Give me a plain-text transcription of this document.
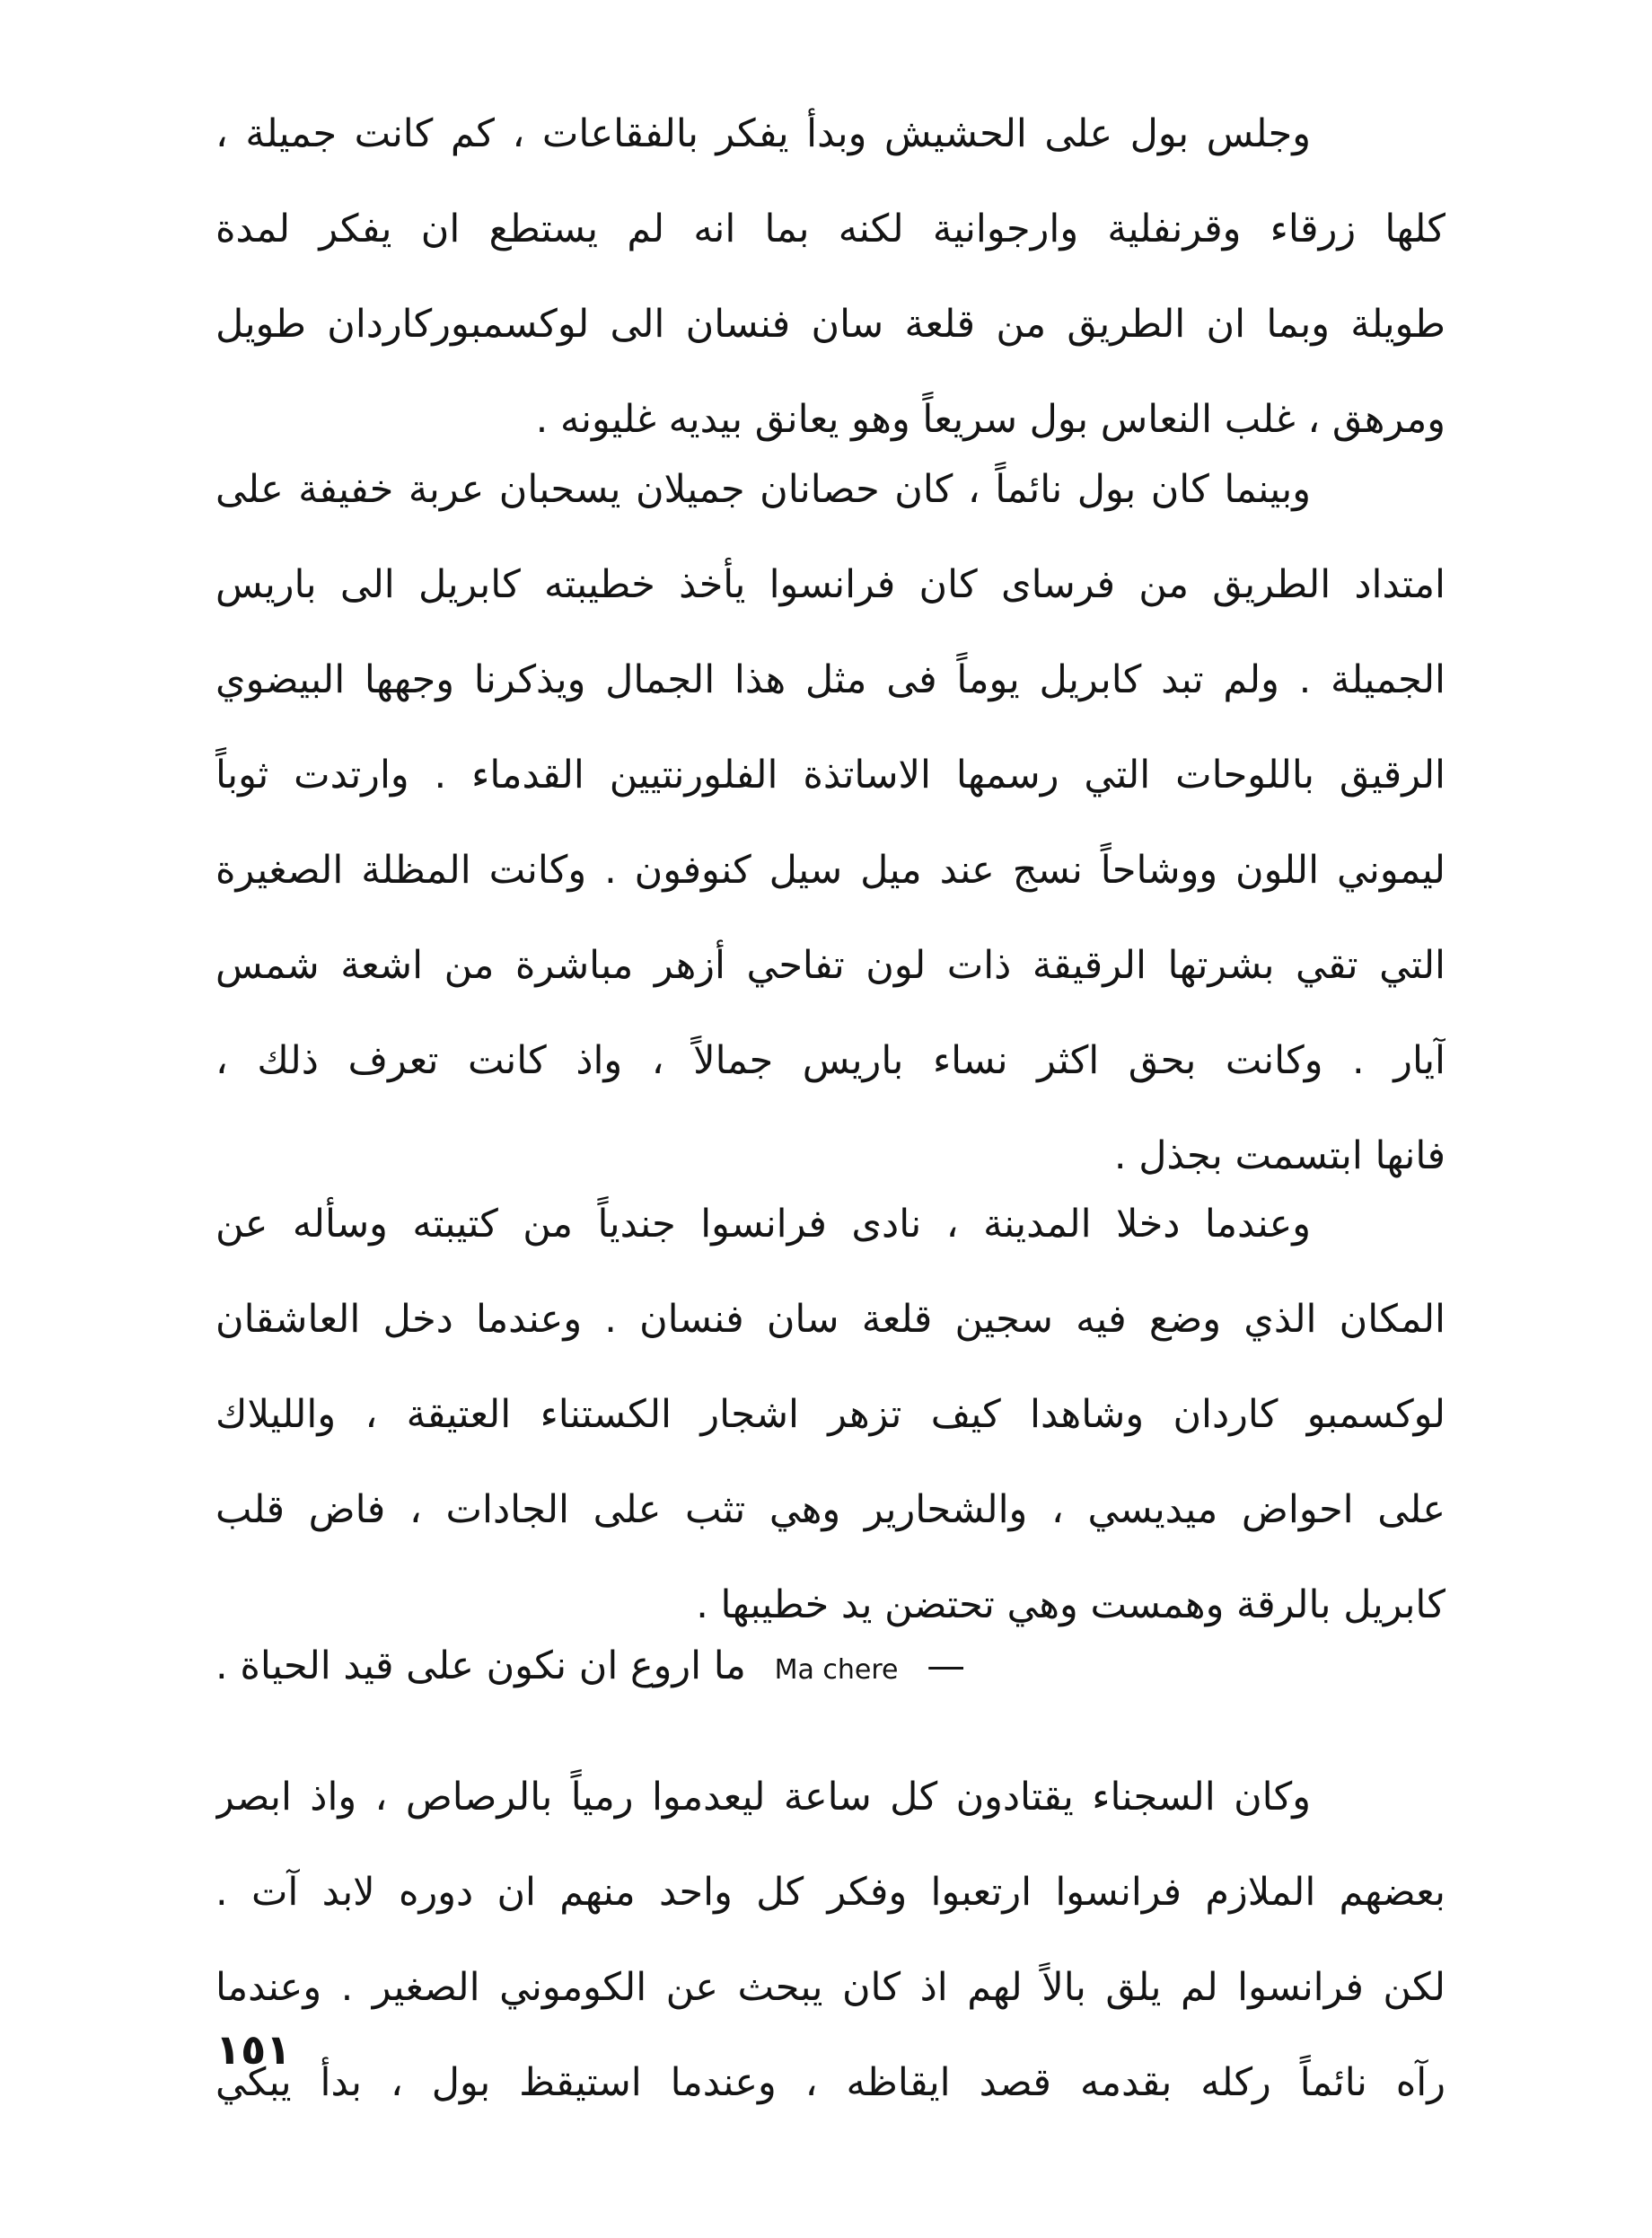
وجلس بول على الحشيش وبدأ يفكر بالفقاعات ، كم كانت جميلة ،
كلها زرقاء وقرنفلية وارجوانية لكنه بما انه لم يستطع ان يفكر لمدة
طويلة وبما ان الطريق من قلعة سان فنسان الى لوكسمبوركاردان طويل
ومرهق ، غلب النعاس بول سريعاً وهو يعانق بيديه غليونه .
وبينما كان بول نائماً ، كان حصانان جميلان يسحبان عربة خفيفة على
امتداد الطريق من فرساى كان فرانسوا يأخذ خطيبته كابريل الى باريس
الجميلة . ولم تبد كابريل يوماً فى مثل هذا الجمال ويذكرنا وجهها البيضوي
الرقيق باللوحات التي رسمها الاساتذة الفلورنتيين القدماء . وارتدت ثوباً
ليموني اللون ووشاحاً نسج عند ميل سيل كنوفون . وكانت المظلة الصغيرة
التي تقي بشرتها الرقيقة ذات لون تفاحي أزهر مباشرة من اشعة شمس
آيار . وكانت بحق اكثر نساء باريس جمالاً ، واذ كانت تعرف ذلك ،
فانها ابتسمت بجذل .
وعندما دخلا المدينة ، نادى فرانسوا جندياً من كتيبته وسأله عن
المكان الذي وضع فيه سجين قلعة سان فنسان . وعندما دخل العاشقان
لوكسمبو كاردان وشاهدا كيف تزهر اشجار الكستناء العتيقة ، والليلاك
على احواض ميديسي ، والشحارير وهي تثب على الجادات ، فاض قلب
كابريل بالرقة وهمست وهي تحتضن يد خطيبها .
— Ma chere ما اروع ان نكون على قيد الحياة .
وكان السجناء يقتادون كل ساعة ليعدموا رمياً بالرصاص ، واذ ابصر
بعضهم الملازم فرانسوا ارتعبوا وفكر كل واحد منهم ان دوره لابد آت .
لكن فرانسوا لم يلق بالاً لهم اذ كان يبحث عن الكوموني الصغير . وعندما
رآه نائماً ركله بقدمه قصد ايقاظه ، وعندما استيقظ بول ، بدأ يبكي
١٥١
